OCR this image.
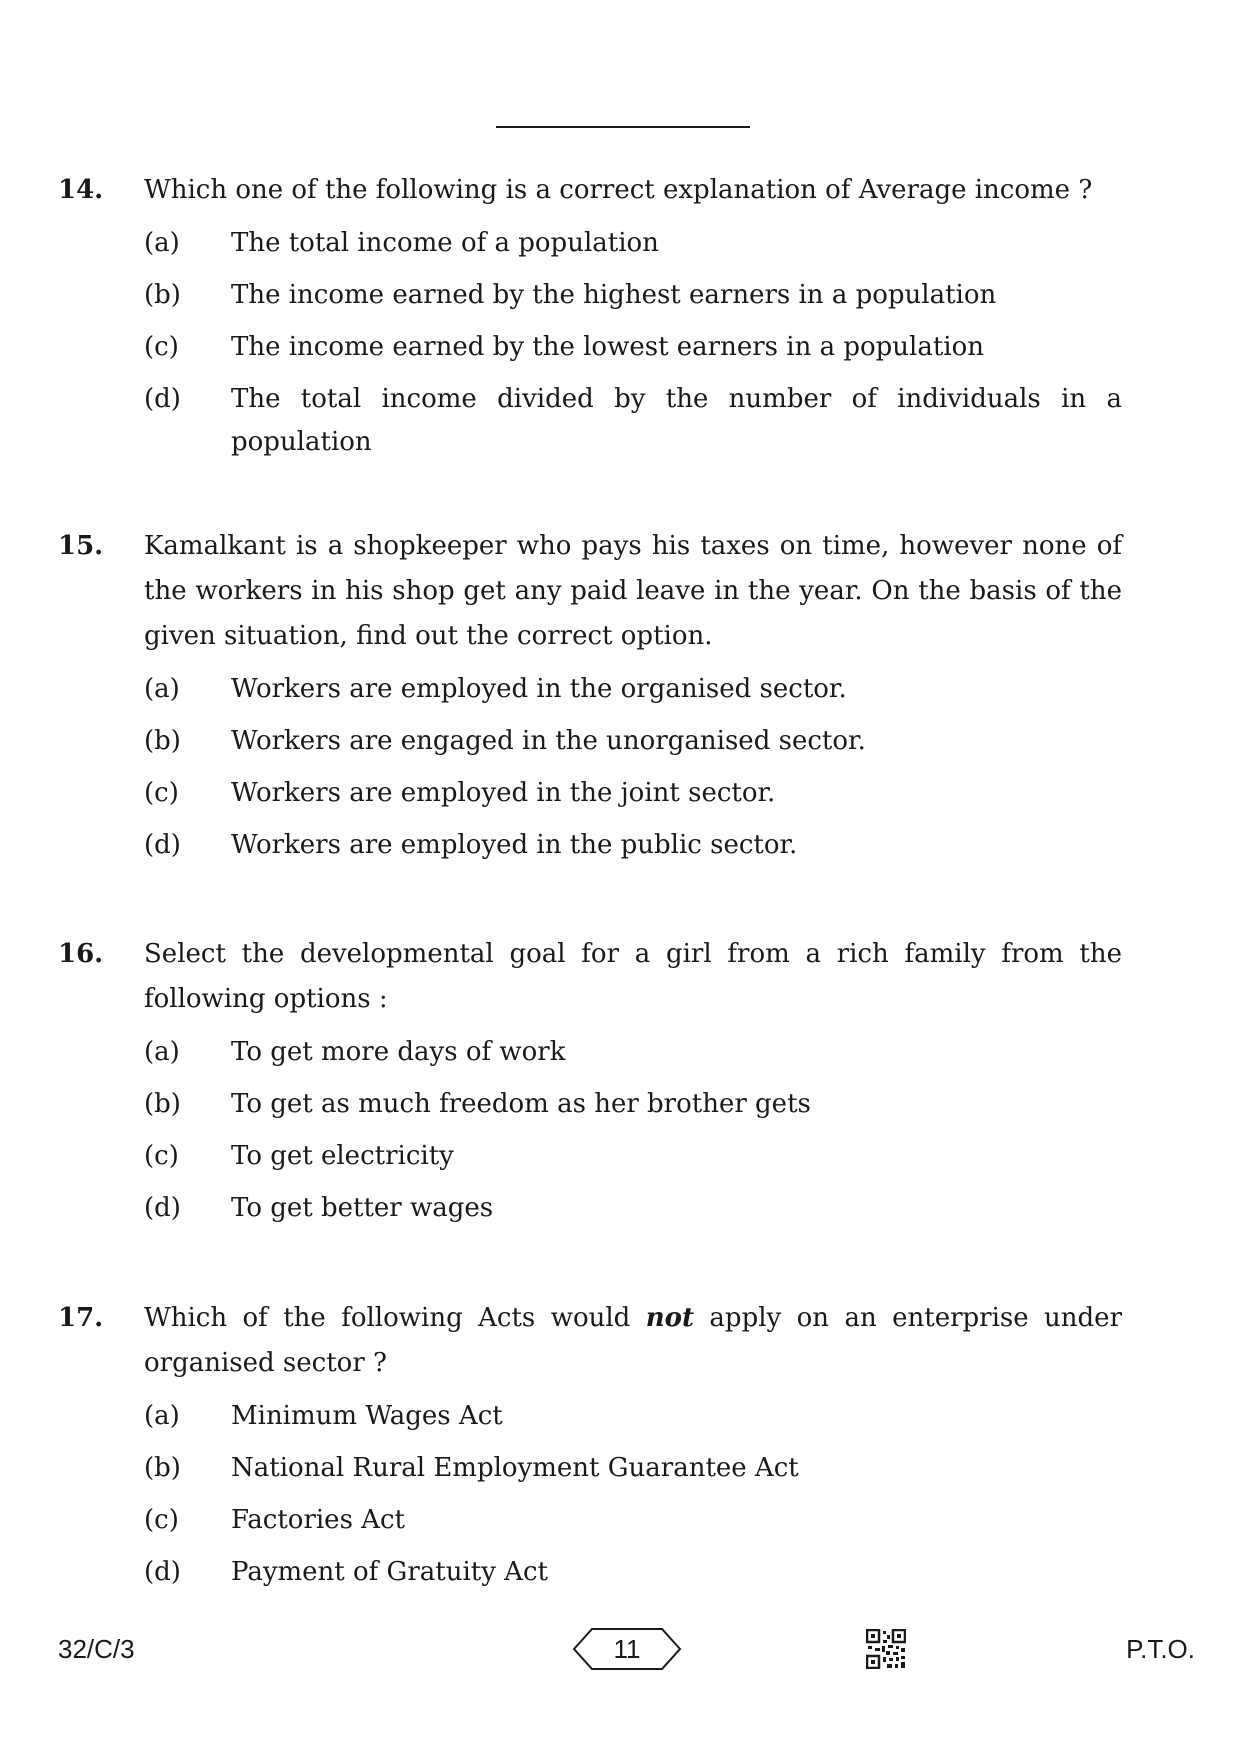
14. Which one of the following is a correct explanation of Average income ?
(a) The total income of a population
(b) The income earned by the highest earners in a population
(c) The income earned by the lowest earners in a population
(d) The total income divided by the number of individuals in a population
15. Kamalkant is a shopkeeper who pays his taxes on time, however none of the workers in his shop get any paid leave in the year. On the basis of the given situation, find out the correct option.
(a) Workers are employed in the organised sector.
(b) Workers are engaged in the unorganised sector.
(c) Workers are employed in the joint sector.
(d) Workers are employed in the public sector.
16. Select the developmental goal for a girl from a rich family from the following options :
(a) To get more days of work
(b) To get as much freedom as her brother gets
(c) To get electricity
(d) To get better wages
17. Which of the following Acts would not apply on an enterprise under organised sector ?
(a) Minimum Wages Act
(b) National Rural Employment Guarantee Act
(c) Factories Act
(d) Payment of Gratuity Act
32/C/3	11	P.T.O.
